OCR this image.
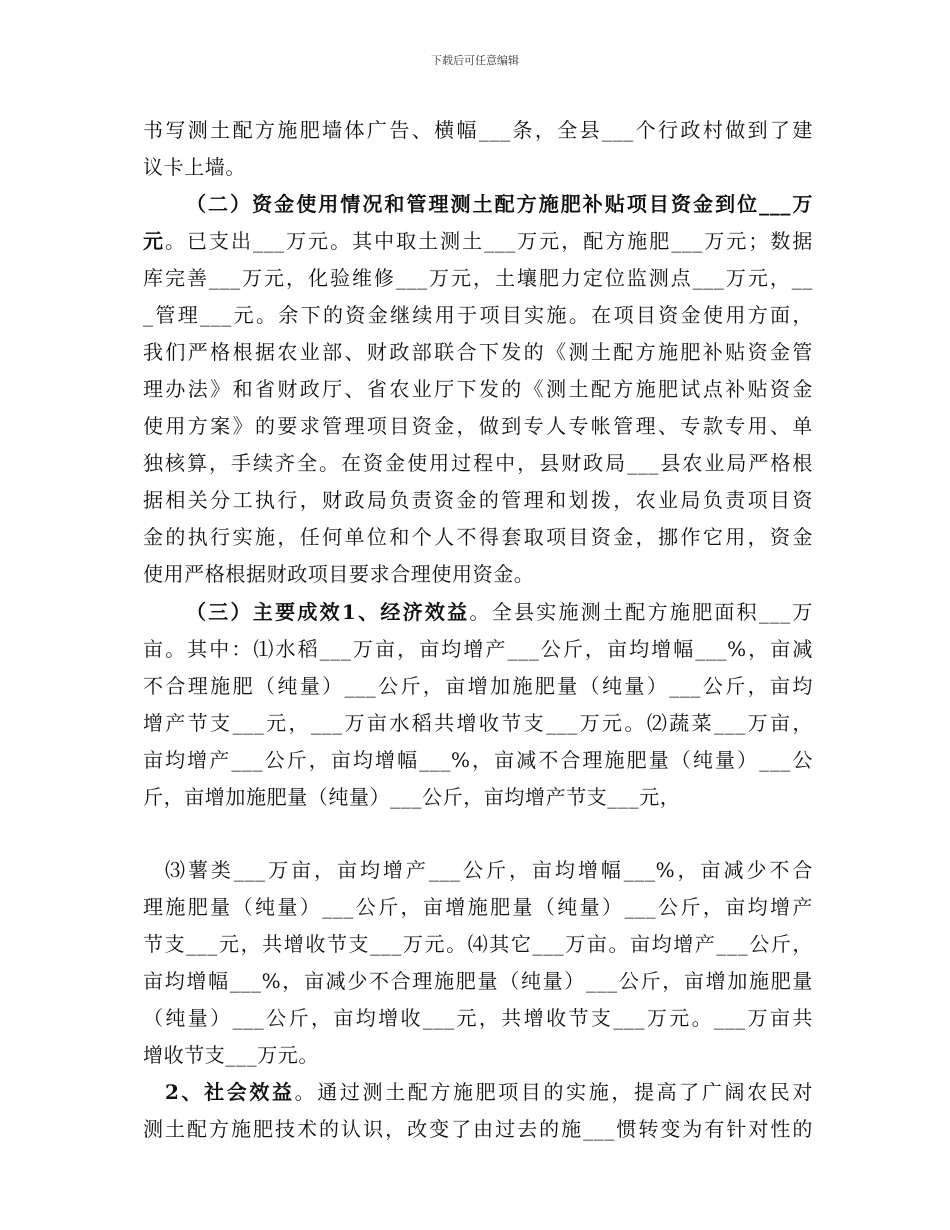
下载后可任意编辑
书写测土配方施肥墙体广告、横幅___条，全县___个行政村做到了建
议卡上墙。
（二）资金使用情况和管理测土配方施肥补贴项目资金到位___万
元。已支出___万元。其中取土测土___万元，配方施肥___万元；数据
库完善___万元，化验维修___万元，土壤肥力定位监测点___万元，__
_管理___元。余下的资金继续用于项目实施。在项目资金使用方面，
我们严格根据农业部、财政部联合下发的《测土配方施肥补贴资金管
理办法》和省财政厅、省农业厅下发的《测土配方施肥试点补贴资金
使用方案》的要求管理项目资金，做到专人专帐管理、专款专用、单
独核算，手续齐全。在资金使用过程中，县财政局___县农业局严格根
据相关分工执行，财政局负责资金的管理和划拨，农业局负责项目资
金的执行实施，任何单位和个人不得套取项目资金，挪作它用，资金
使用严格根据财政项目要求合理使用资金。
（三）主要成效1、经济效益。全县实施测土配方施肥面积___万
亩。其中：⑴水稻___万亩，亩均增产___公斤，亩均增幅___%，亩减
不合理施肥（纯量）___公斤，亩增加施肥量（纯量）___公斤，亩均
增产节支___元，___万亩水稻共增收节支___万元。⑵蔬菜___万亩，
亩均增产___公斤，亩均增幅___%，亩减不合理施肥量（纯量）___公
斤，亩增加施肥量（纯量）___公斤，亩均增产节支___元，
⑶薯类___万亩，亩均增产___公斤，亩均增幅___%，亩减少不合
理施肥量（纯量）___公斤，亩增施肥量（纯量）___公斤，亩均增产
节支___元，共增收节支___万元。⑷其它___万亩。亩均增产___公斤，
亩均增幅___%，亩减少不合理施肥量（纯量）___公斤，亩增加施肥量
（纯量）___公斤，亩均增收___元，共增收节支___万元。___万亩共
增收节支___万元。
2、社会效益。通过测土配方施肥项目的实施，提高了广阔农民对
测土配方施肥技术的认识，改变了由过去的施___惯转变为有针对性的
